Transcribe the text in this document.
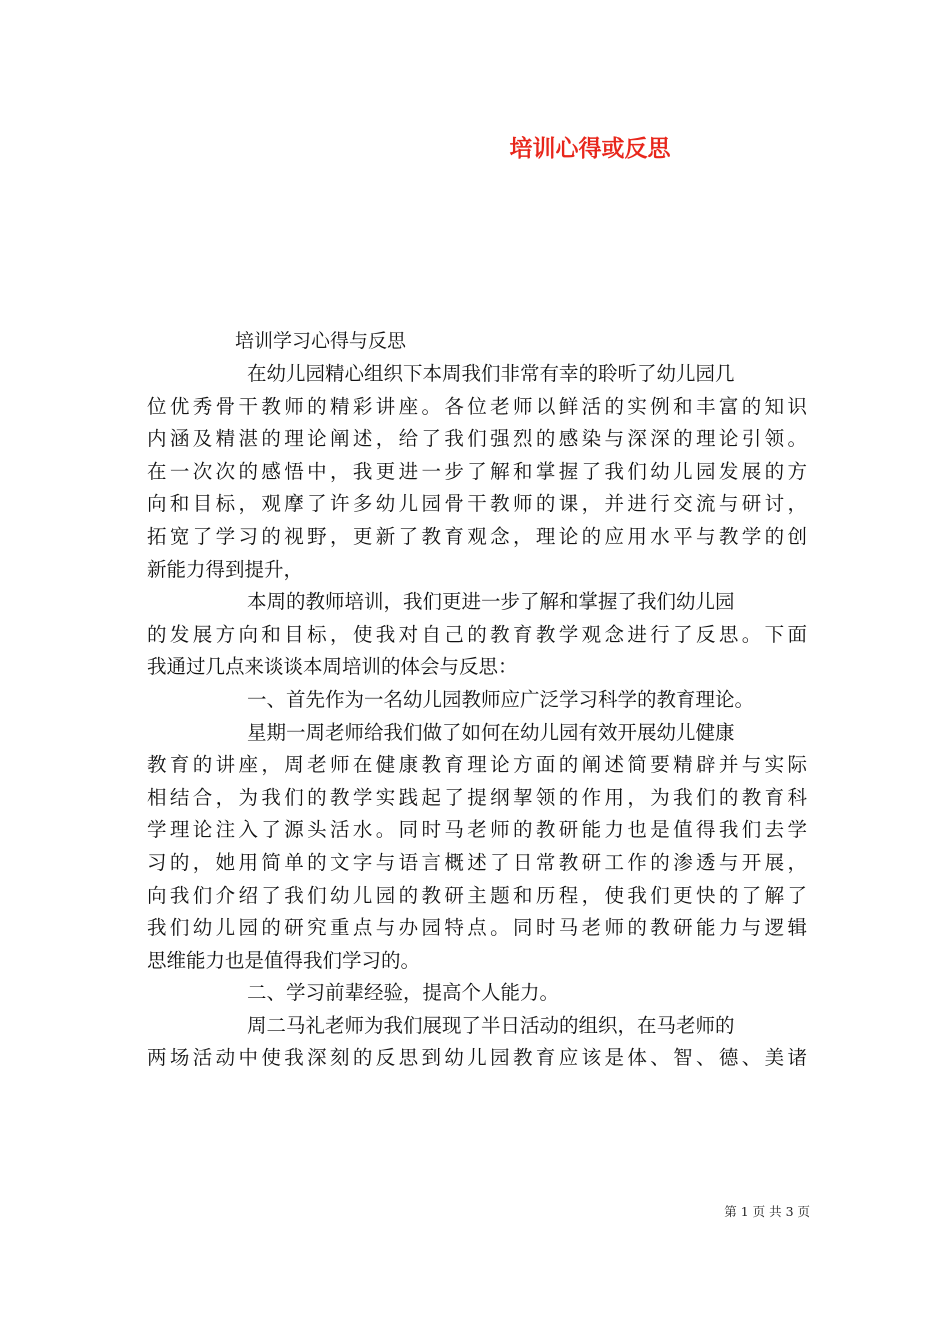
培训心得或反思
培训学习心得与反思
在幼儿园精心组织下本周我们非常有幸的聆听了幼儿园几
位优秀骨干教师的精彩讲座。各位老师以鲜活的实例和丰富的知识
内涵及精湛的理论阐述，给了我们强烈的感染与深深的理论引领。
在一次次的感悟中，我更进一步了解和掌握了我们幼儿园发展的方
向和目标，观摩了许多幼儿园骨干教师的课，并进行交流与研讨，
拓宽了学习的视野，更新了教育观念，理论的应用水平与教学的创
新能力得到提升，
本周的教师培训，我们更进一步了解和掌握了我们幼儿园
的发展方向和目标，使我对自己的教育教学观念进行了反思。下面
我通过几点来谈谈本周培训的体会与反思：
一、首先作为一名幼儿园教师应广泛学习科学的教育理论。
星期一周老师给我们做了如何在幼儿园有效开展幼儿健康
教育的讲座，周老师在健康教育理论方面的阐述简要精辟并与实际
相结合，为我们的教学实践起了提纲挈领的作用，为我们的教育科
学理论注入了源头活水。同时马老师的教研能力也是值得我们去学
习的，她用简单的文字与语言概述了日常教研工作的渗透与开展，
向我们介绍了我们幼儿园的教研主题和历程，使我们更快的了解了
我们幼儿园的研究重点与办园特点。同时马老师的教研能力与逻辑
思维能力也是值得我们学习的。
二、学习前辈经验，提高个人能力。
周二马礼老师为我们展现了半日活动的组织，在马老师的
两场活动中使我深刻的反思到幼儿园教育应该是体、智、德、美诸
第 1 页 共 3 页
